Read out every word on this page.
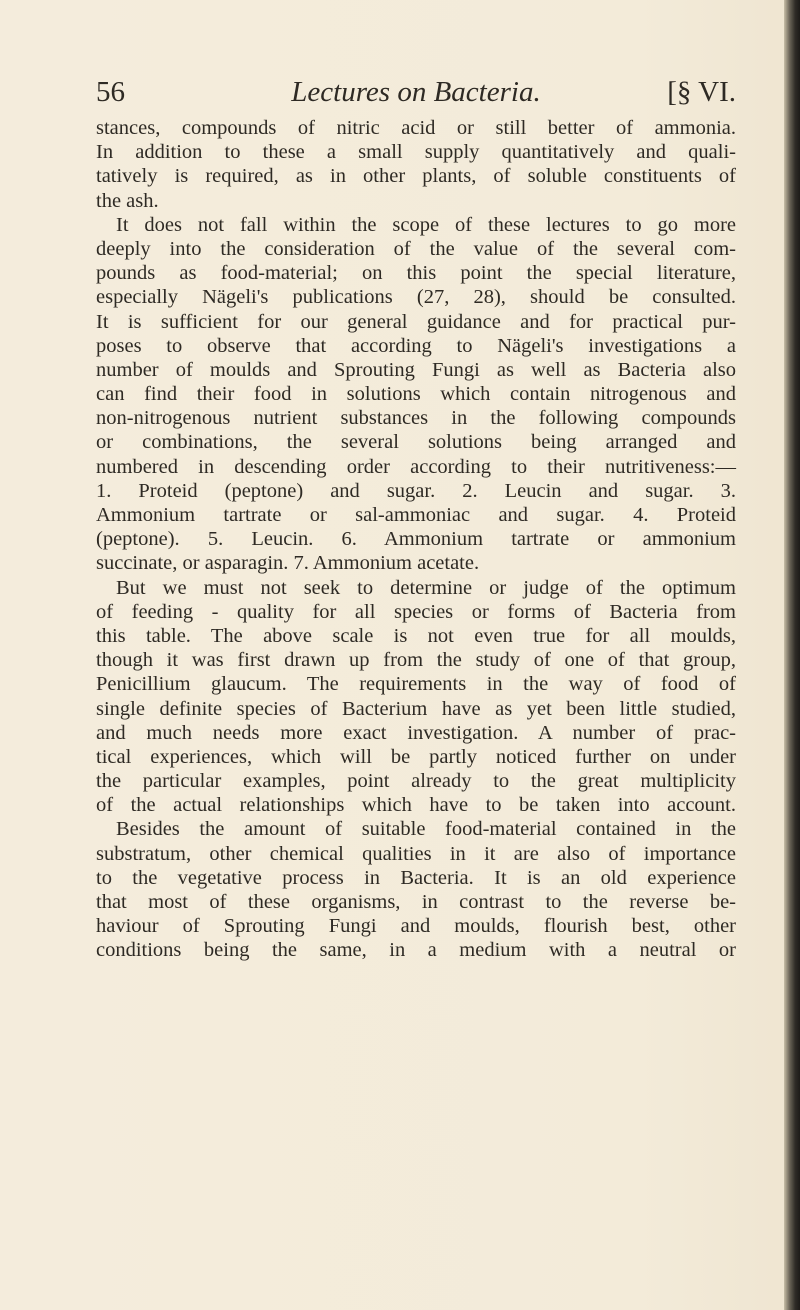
56	Lectures on Bacteria.	[§ VI.
stances, compounds of nitric acid or still better of ammonia.
In addition to these a small supply quantitatively and quali-
tatively is required, as in other plants, of soluble constituents of
the ash.
It does not fall within the scope of these lectures to go more
deeply into the consideration of the value of the several com-
pounds as food-material; on this point the special literature,
especially Nägeli's publications (27, 28), should be consulted.
It is sufficient for our general guidance and for practical pur-
poses to observe that according to Nägeli's investigations a
number of moulds and Sprouting Fungi as well as Bacteria also
can find their food in solutions which contain nitrogenous and
non-nitrogenous nutrient substances in the following compounds
or combinations, the several solutions being arranged and
numbered in descending order according to their nutritiveness:—
1. Proteid (peptone) and sugar. 2. Leucin and sugar. 3.
Ammonium tartrate or sal-ammoniac and sugar. 4. Proteid
(peptone). 5. Leucin. 6. Ammonium tartrate or ammonium
succinate, or asparagin. 7. Ammonium acetate.
But we must not seek to determine or judge of the optimum
of feeding - quality for all species or forms of Bacteria from
this table. The above scale is not even true for all moulds,
though it was first drawn up from the study of one of that group,
Penicillium glaucum. The requirements in the way of food of
single definite species of Bacterium have as yet been little studied,
and much needs more exact investigation. A number of prac-
tical experiences, which will be partly noticed further on under
the particular examples, point already to the great multiplicity
of the actual relationships which have to be taken into account.
Besides the amount of suitable food-material contained in the
substratum, other chemical qualities in it are also of importance
to the vegetative process in Bacteria. It is an old experience
that most of these organisms, in contrast to the reverse be-
haviour of Sprouting Fungi and moulds, flourish best, other
conditions being the same, in a medium with a neutral or
